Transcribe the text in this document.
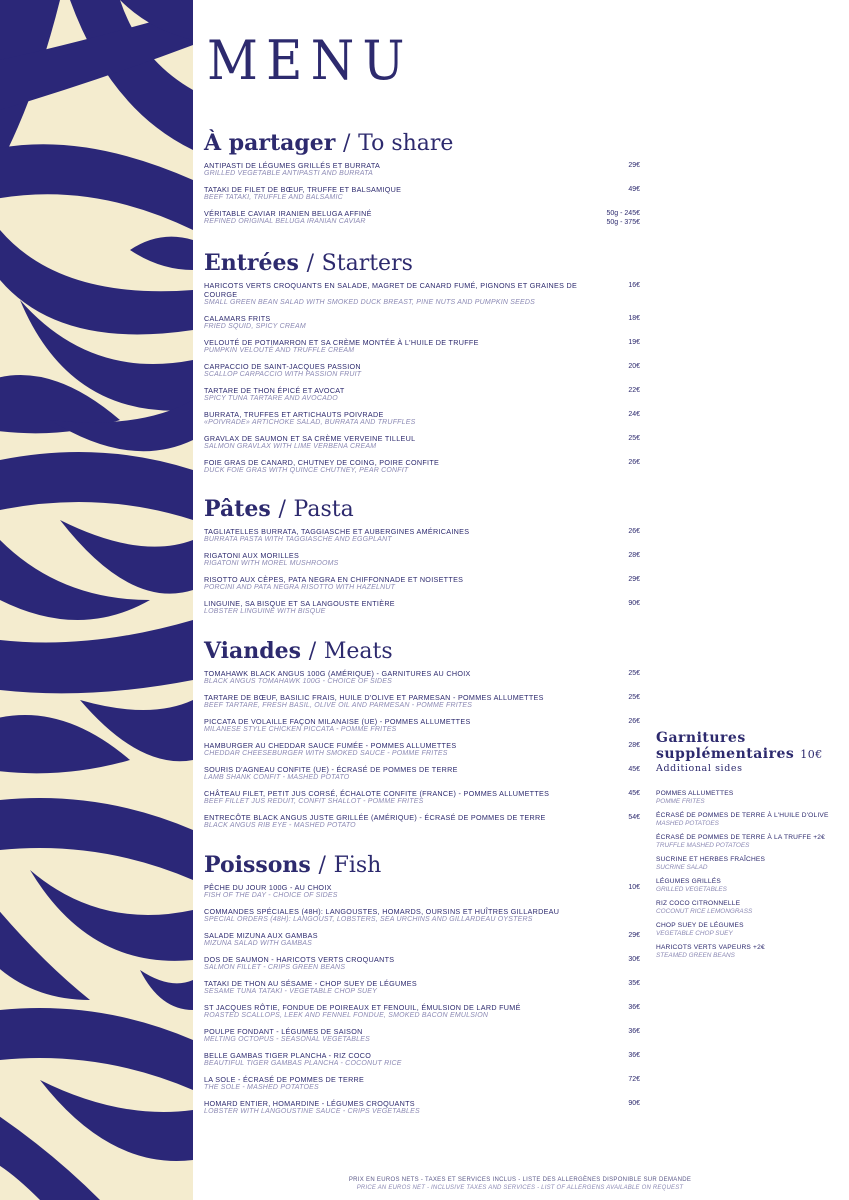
MENU
À partager / To share
ANTIPASTI DE LÉGUMES GRILLÉS ET BURRATA
GRILLED VEGETABLE ANTIPASTI AND BURRATA
29€
TATAKI DE FILET DE BŒUF, TRUFFE ET BALSAMIQUE
BEEF TATAKI, TRUFFLE AND BALSAMIC
49€
VÉRITABLE CAVIAR IRANIEN BELUGA AFFINÉ
REFINED ORIGINAL BELUGA IRANIAN CAVIAR
50g - 245€
50g - 375€
Entrées / Starters
HARICOTS VERTS CROQUANTS EN SALADE, MAGRET DE CANARD FUMÉ, PIGNONS ET GRAINES DE COURGE
SMALL GREEN BEAN SALAD WITH SMOKED DUCK BREAST, PINE NUTS AND PUMPKIN SEEDS
16€
CALAMARS FRITS
FRIED SQUID, SPICY CREAM
18€
VELOUTÉ DE POTIMARRON ET SA CRÈME MONTÉE À L'HUILE DE TRUFFE
PUMPKIN VELOUTÉ AND TRUFFLE CREAM
19€
CARPACCIO DE SAINT-JACQUES PASSION
SCALLOP CARPACCIO WITH PASSION FRUIT
20€
TARTARE DE THON ÉPICÉ ET AVOCAT
SPICY TUNA TARTARE AND AVOCADO
22€
BURRATA, TRUFFES ET ARTICHAUTS POIVRADE
«POIVRADE» ARTICHOKE SALAD, BURRATA AND TRUFFLES
24€
GRAVLAX DE SAUMON ET SA CRÈME VERVEINE TILLEUL
SALMON GRAVLAX WITH LIME VERBENA CREAM
25€
FOIE GRAS DE CANARD, CHUTNEY DE COING, POIRE CONFITE
DUCK FOIE GRAS WITH QUINCE CHUTNEY, PEAR CONFIT
26€
Pâtes / Pasta
TAGLIATELLES BURRATA, TAGGIASCHE ET AUBERGINES AMÉRICAINES
BURRATA PASTA WITH TAGGIASCHE AND EGGPLANT
26€
RIGATONI AUX MORILLES
RIGATONI WITH MOREL MUSHROOMS
28€
RISOTTO AUX CÈPES, PATA NEGRA EN CHIFFONNADE ET NOISETTES
PORCINI AND PATA NEGRA RISOTTO WITH HAZELNUT
29€
LINGUINE, SA BISQUE ET SA LANGOUSTE ENTIÈRE
LOBSTER LINGUINE WITH BISQUE
90€
Viandes / Meats
TOMAHAWK BLACK ANGUS 100G (AMÉRIQUE) - GARNITURES AU CHOIX
BLACK ANGUS TOMAHAWK 100G - CHOICE OF SIDES
25€
TARTARE DE BŒUF, BASILIC FRAIS, HUILE D'OLIVE ET PARMESAN - POMMES ALLUMETTES
BEEF TARTARE, FRESH BASIL, OLIVE OIL AND PARMESAN - POMME FRITES
25€
PICCATA DE VOLAILLE FAÇON MILANAISE (UE) - POMMES ALLUMETTES
MILANESE STYLE CHICKEN PICCATA - POMME FRITES
26€
HAMBURGER AU CHEDDAR SAUCE FUMÉE - POMMES ALLUMETTES
CHEDDAR CHEESEBURGER WITH SMOKED SAUCE - POMME FRITES
28€
SOURIS D'AGNEAU CONFITE (UE) - ÉCRASÉ DE POMMES DE TERRE
LAMB SHANK CONFIT - MASHED POTATO
45€
CHÂTEAU FILET, PETIT JUS CORSÉ, ÉCHALOTE CONFITE (FRANCE) - POMMES ALLUMETTES
BEEF FILLET JUS REDUIT, CONFIT SHALLOT - POMME FRITES
45€
ENTRECÔTE BLACK ANGUS JUSTE GRILLÉE (AMÉRIQUE) - ÉCRASÉ DE POMMES DE TERRE
BLACK ANGUS RIB EYE - MASHED POTATO
54€
Poissons / Fish
PÊCHE DU JOUR 100G - AU CHOIX
FISH OF THE DAY - CHOICE OF SIDES
10€
COMMANDES SPÉCIALES (48H): LANGOUSTES, HOMARDS, OURSINS ET HUÎTRES GILLARDEAU
SPECIAL ORDERS (48H): LANGOUST, LOBSTERS, SEA URCHINS AND GILLARDEAU OYSTERS
SALADE MIZUNA AUX GAMBAS
MIZUNA SALAD WITH GAMBAS
29€
DOS DE SAUMON - HARICOTS VERTS CROQUANTS
SALMON FILLET - CRIPS GREEN BEANS
30€
TATAKI DE THON AU SÉSAME - CHOP SUEY DE LÉGUMES
SESAME TUNA TATAKI - VEGETABLE CHOP SUEY
35€
ST JACQUES RÔTIE, FONDUE DE POIREAUX ET FENOUIL, ÉMULSION DE LARD FUMÉ
ROASTED SCALLOPS, LEEK AND FENNEL FONDUE, SMOKED BACON EMULSION
36€
POULPE FONDANT - LÉGUMES DE SAISON
MELTING OCTOPUS - SEASONAL VEGETABLES
36€
BELLE GAMBAS TIGER PLANCHA - RIZ COCO
BEAUTIFUL TIGER GAMBAS PLANCHA - COCONUT RICE
36€
LA SOLE - ÉCRASÉ DE POMMES DE TERRE
THE SOLE - MASHED POTATOES
72€
HOMARD ENTIER, HOMARDINE - LÉGUMES CROQUANTS
LOBSTER WITH LANGOUSTINE SAUCE - CRIPS VEGETABLES
90€
Garnitures supplémentaires 10€
Additional sides
POMMES ALLUMETTES
POMME FRITES
ÉCRASÉ DE POMMES DE TERRE À L'HUILE D'OLIVE
MASHED POTATOES
ÉCRASÉ DE POMMES DE TERRE À LA TRUFFE +2€
TRUFFLE MASHED POTATOES
SUCRINE ET HERBES FRAÎCHES
SUCRINE SALAD
LÉGUMES GRILLÉS
GRILLED VEGETABLES
RIZ COCO CITRONNELLE
COCONUT RICE LEMONGRASS
CHOP SUEY DE LÉGUMES
VEGETABLE CHOP SUEY
HARICOTS VERTS VAPEURS +2€
STEAMED GREEN BEANS
PRIX EN EUROS NETS - TAXES ET SERVICES INCLUS - LISTE DES ALLERGÈNES DISPONIBLE SUR DEMANDE
PRICE AN EUROS NET - INCLUSIVE TAXES AND SERVICES - LIST OF ALLERGENS AVAILABLE ON REQUEST
